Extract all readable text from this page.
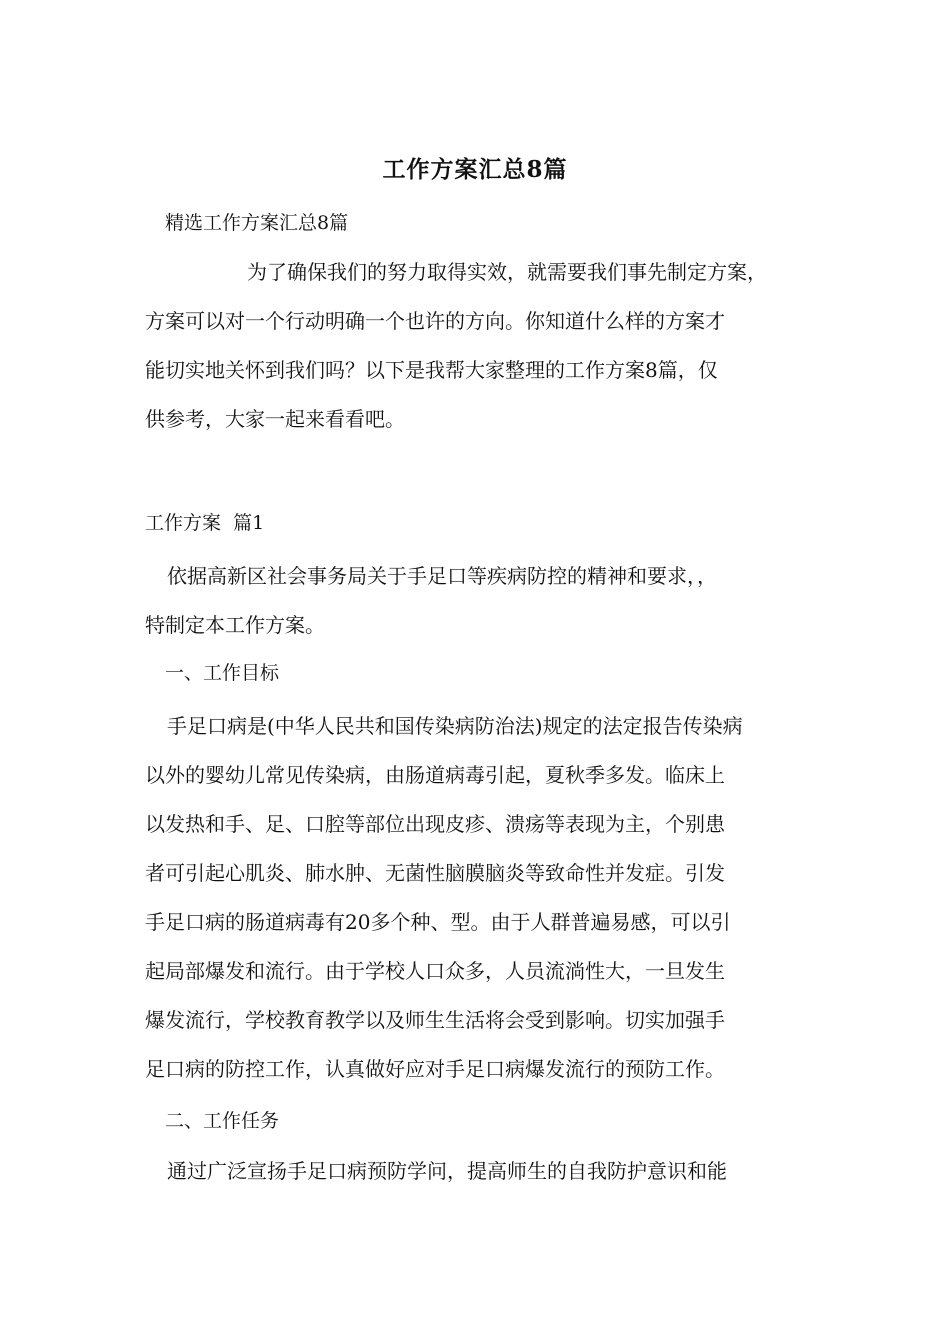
工作方案汇总8篇
精选工作方案汇总8篇

为了确保我们的努力取得实效，就需要我们事先制定方案，

方案可以对一个行动明确一个也许的方向。你知道什么样的方案才

能切实地关怀到我们吗？以下是我帮大家整理的工作方案8篇，仅

供参考，大家一起来看看吧。

工作方案  篇1

依据高新区社会事务局关于手足口等疾病防控的精神和要求，，

特制定本工作方案。

一、工作目标

手足口病是(中华人民共和国传染病防治法)规定的法定报告传染病

以外的婴幼儿常见传染病，由肠道病毒引起，夏秋季多发。临床上

以发热和手、足、口腔等部位出现皮疹、溃疡等表现为主，个别患

者可引起心肌炎、肺水肿、无菌性脑膜脑炎等致命性并发症。引发

手足口病的肠道病毒有20多个种、型。由于人群普遍易感，可以引

起局部爆发和流行。由于学校人口众多，人员流淌性大，一旦发生

爆发流行，学校教育教学以及师生生活将会受到影响。切实加强手

足口病的防控工作，认真做好应对手足口病爆发流行的预防工作。

二、工作任务

通过广泛宣扬手足口病预防学问，提高师生的自我防护意识和能
